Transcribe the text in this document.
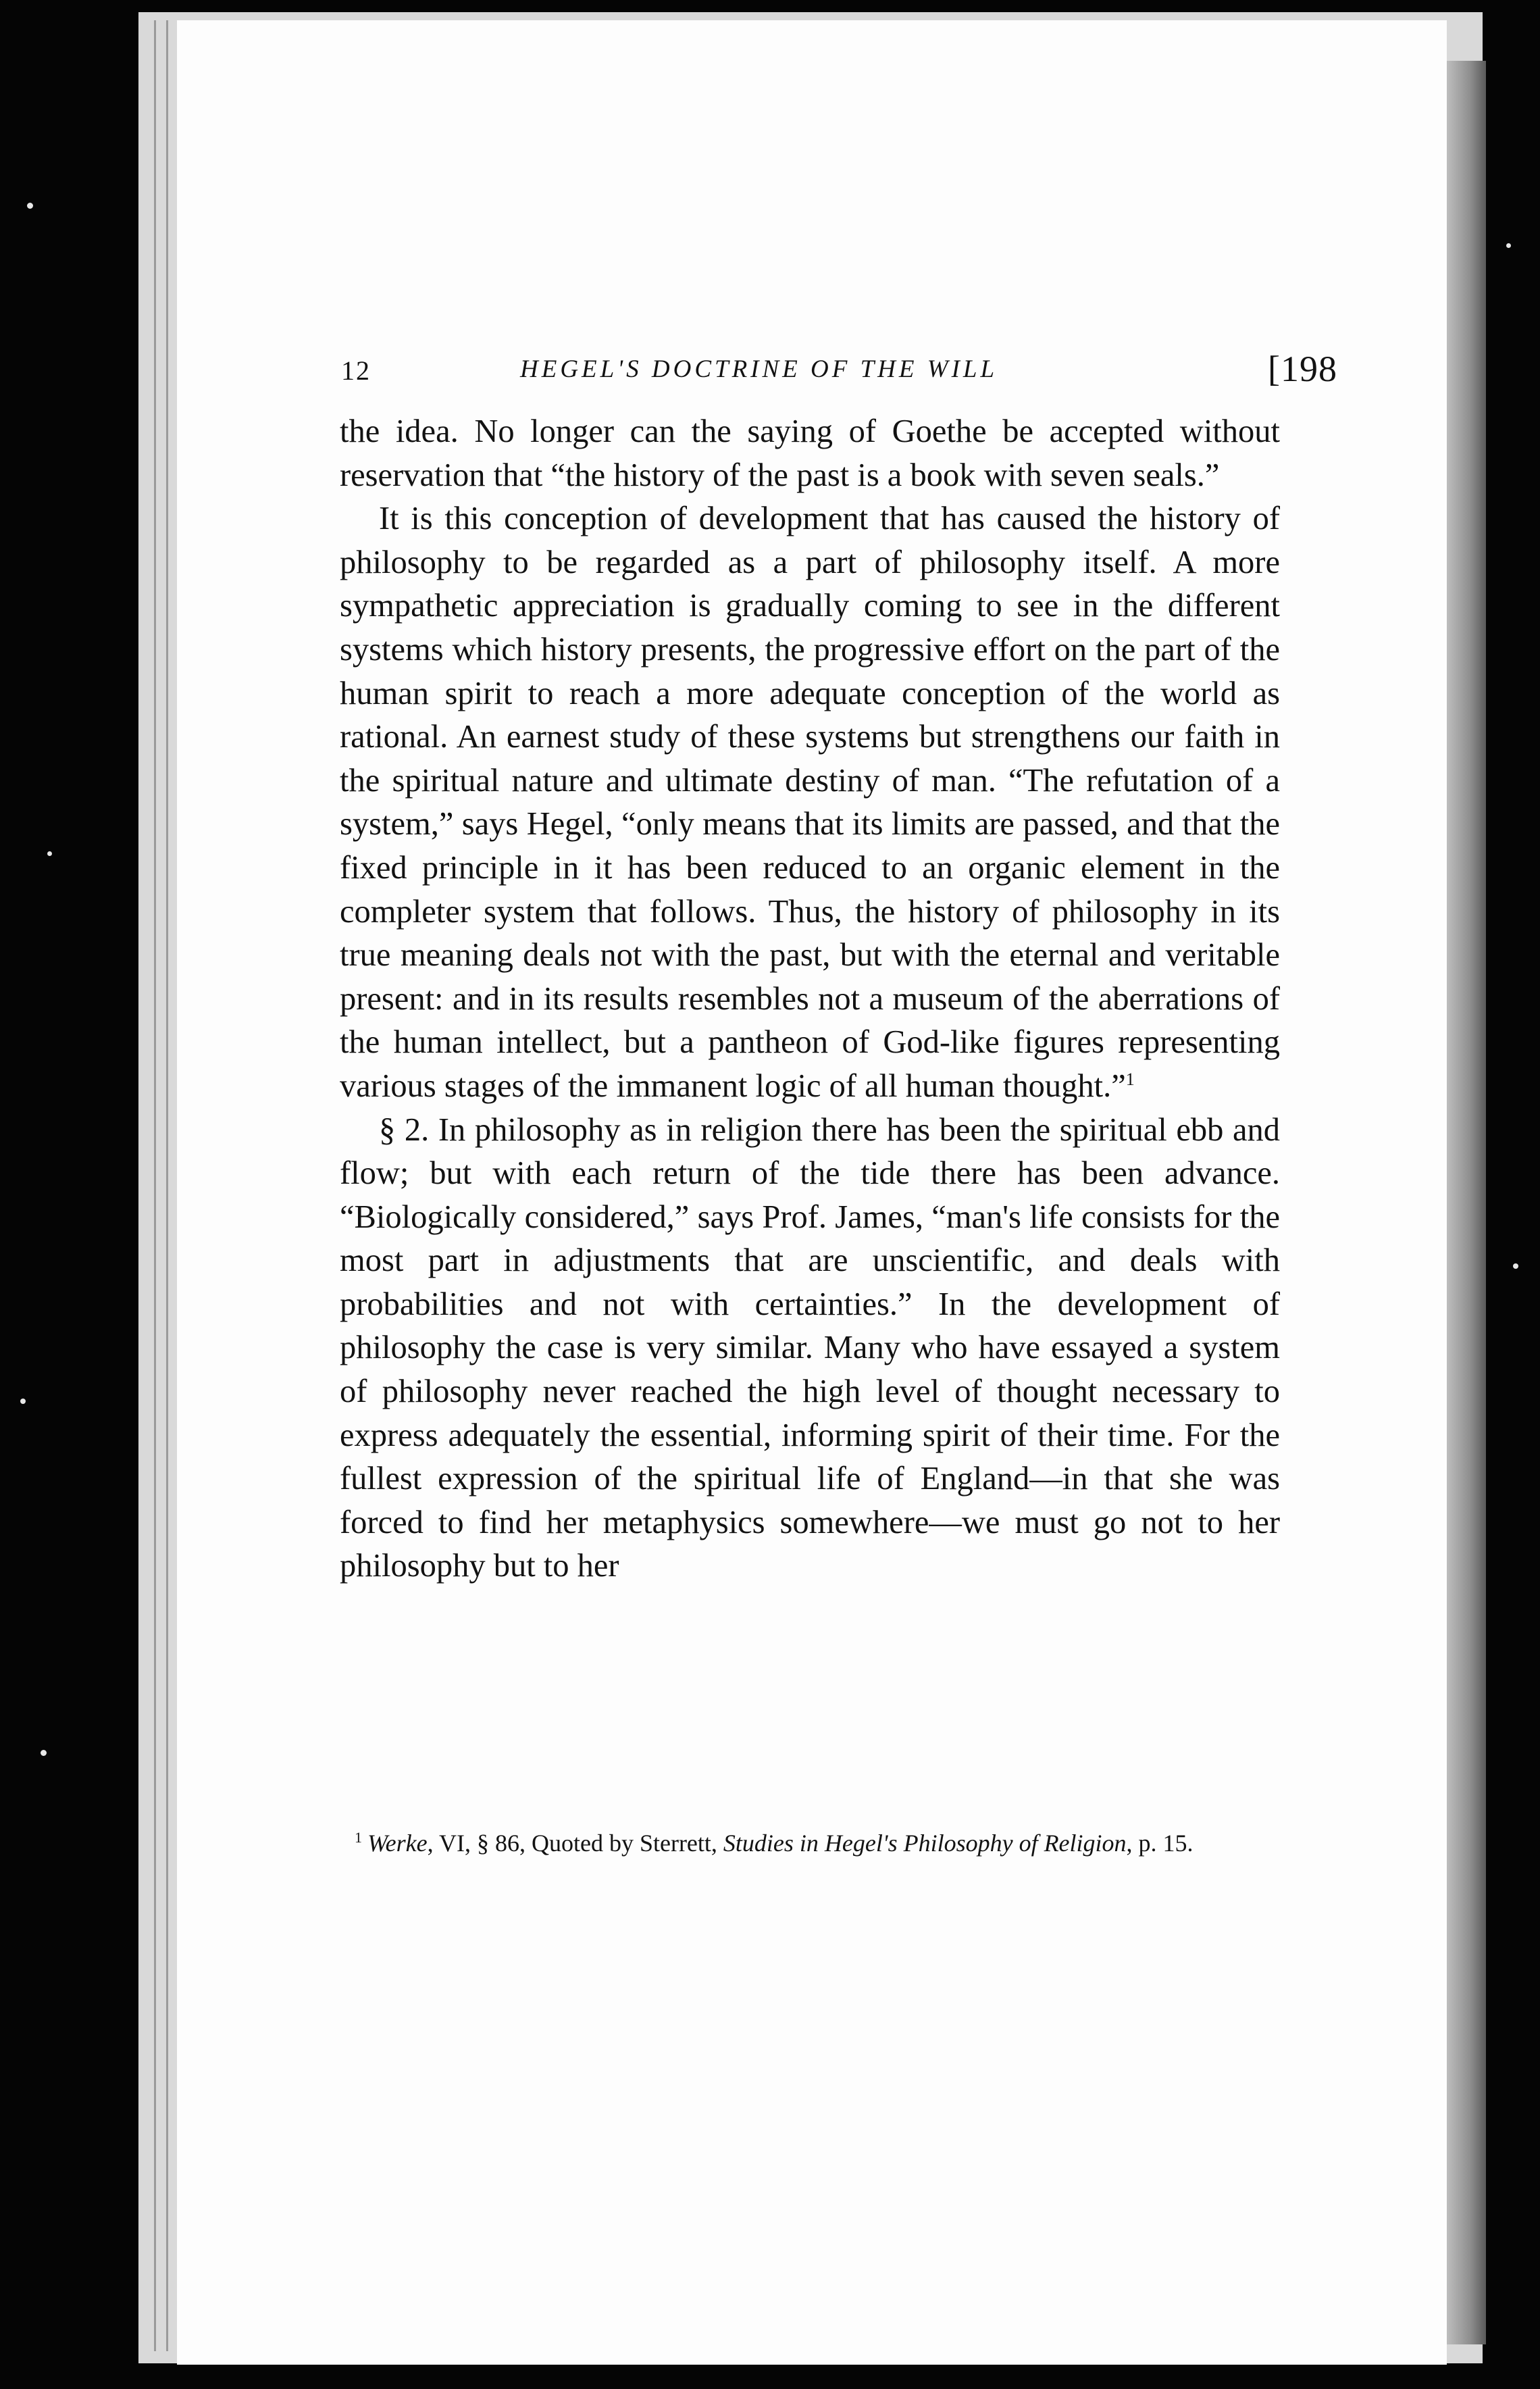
12	HEGEL'S DOCTRINE OF THE WILL	[198

the idea. No longer can the saying of Goethe be accepted without reservation that “the history of the past is a book with seven seals.”

It is this conception of development that has caused the history of philosophy to be regarded as a part of philosophy itself. A more sympathetic appreciation is gradually coming to see in the different systems which history presents, the progressive effort on the part of the human spirit to reach a more adequate conception of the world as rational. An earnest study of these systems but strengthens our faith in the spiritual nature and ultimate destiny of man. “The refutation of a system,” says Hegel, “only means that its limits are passed, and that the fixed principle in it has been reduced to an organic element in the completer system that follows. Thus, the history of philosophy in its true meaning deals not with the past, but with the eternal and veritable present: and in its results resembles not a museum of the aberrations of the human intellect, but a pantheon of God-like figures representing various stages of the immanent logic of all human thought.”$^1$

§ 2. In philosophy as in religion there has been the spiritual ebb and flow; but with each return of the tide there has been advance. “Biologically considered,” says Prof. James, “man's life consists for the most part in adjustments that are unscientific, and deals with probabilities and not with certainties.” In the development of philosophy the case is very similar. Many who have essayed a system of philosophy never reached the high level of thought necessary to express adequately the essential, informing spirit of their time. For the fullest expression of the spiritual life of England—in that she was forced to find her metaphysics somewhere—we must go not to her philosophy but to her

$^1$ Werke, VI, § 86, Quoted by Sterrett, Studies in Hegel's Philosophy of Religion, p. 15.
